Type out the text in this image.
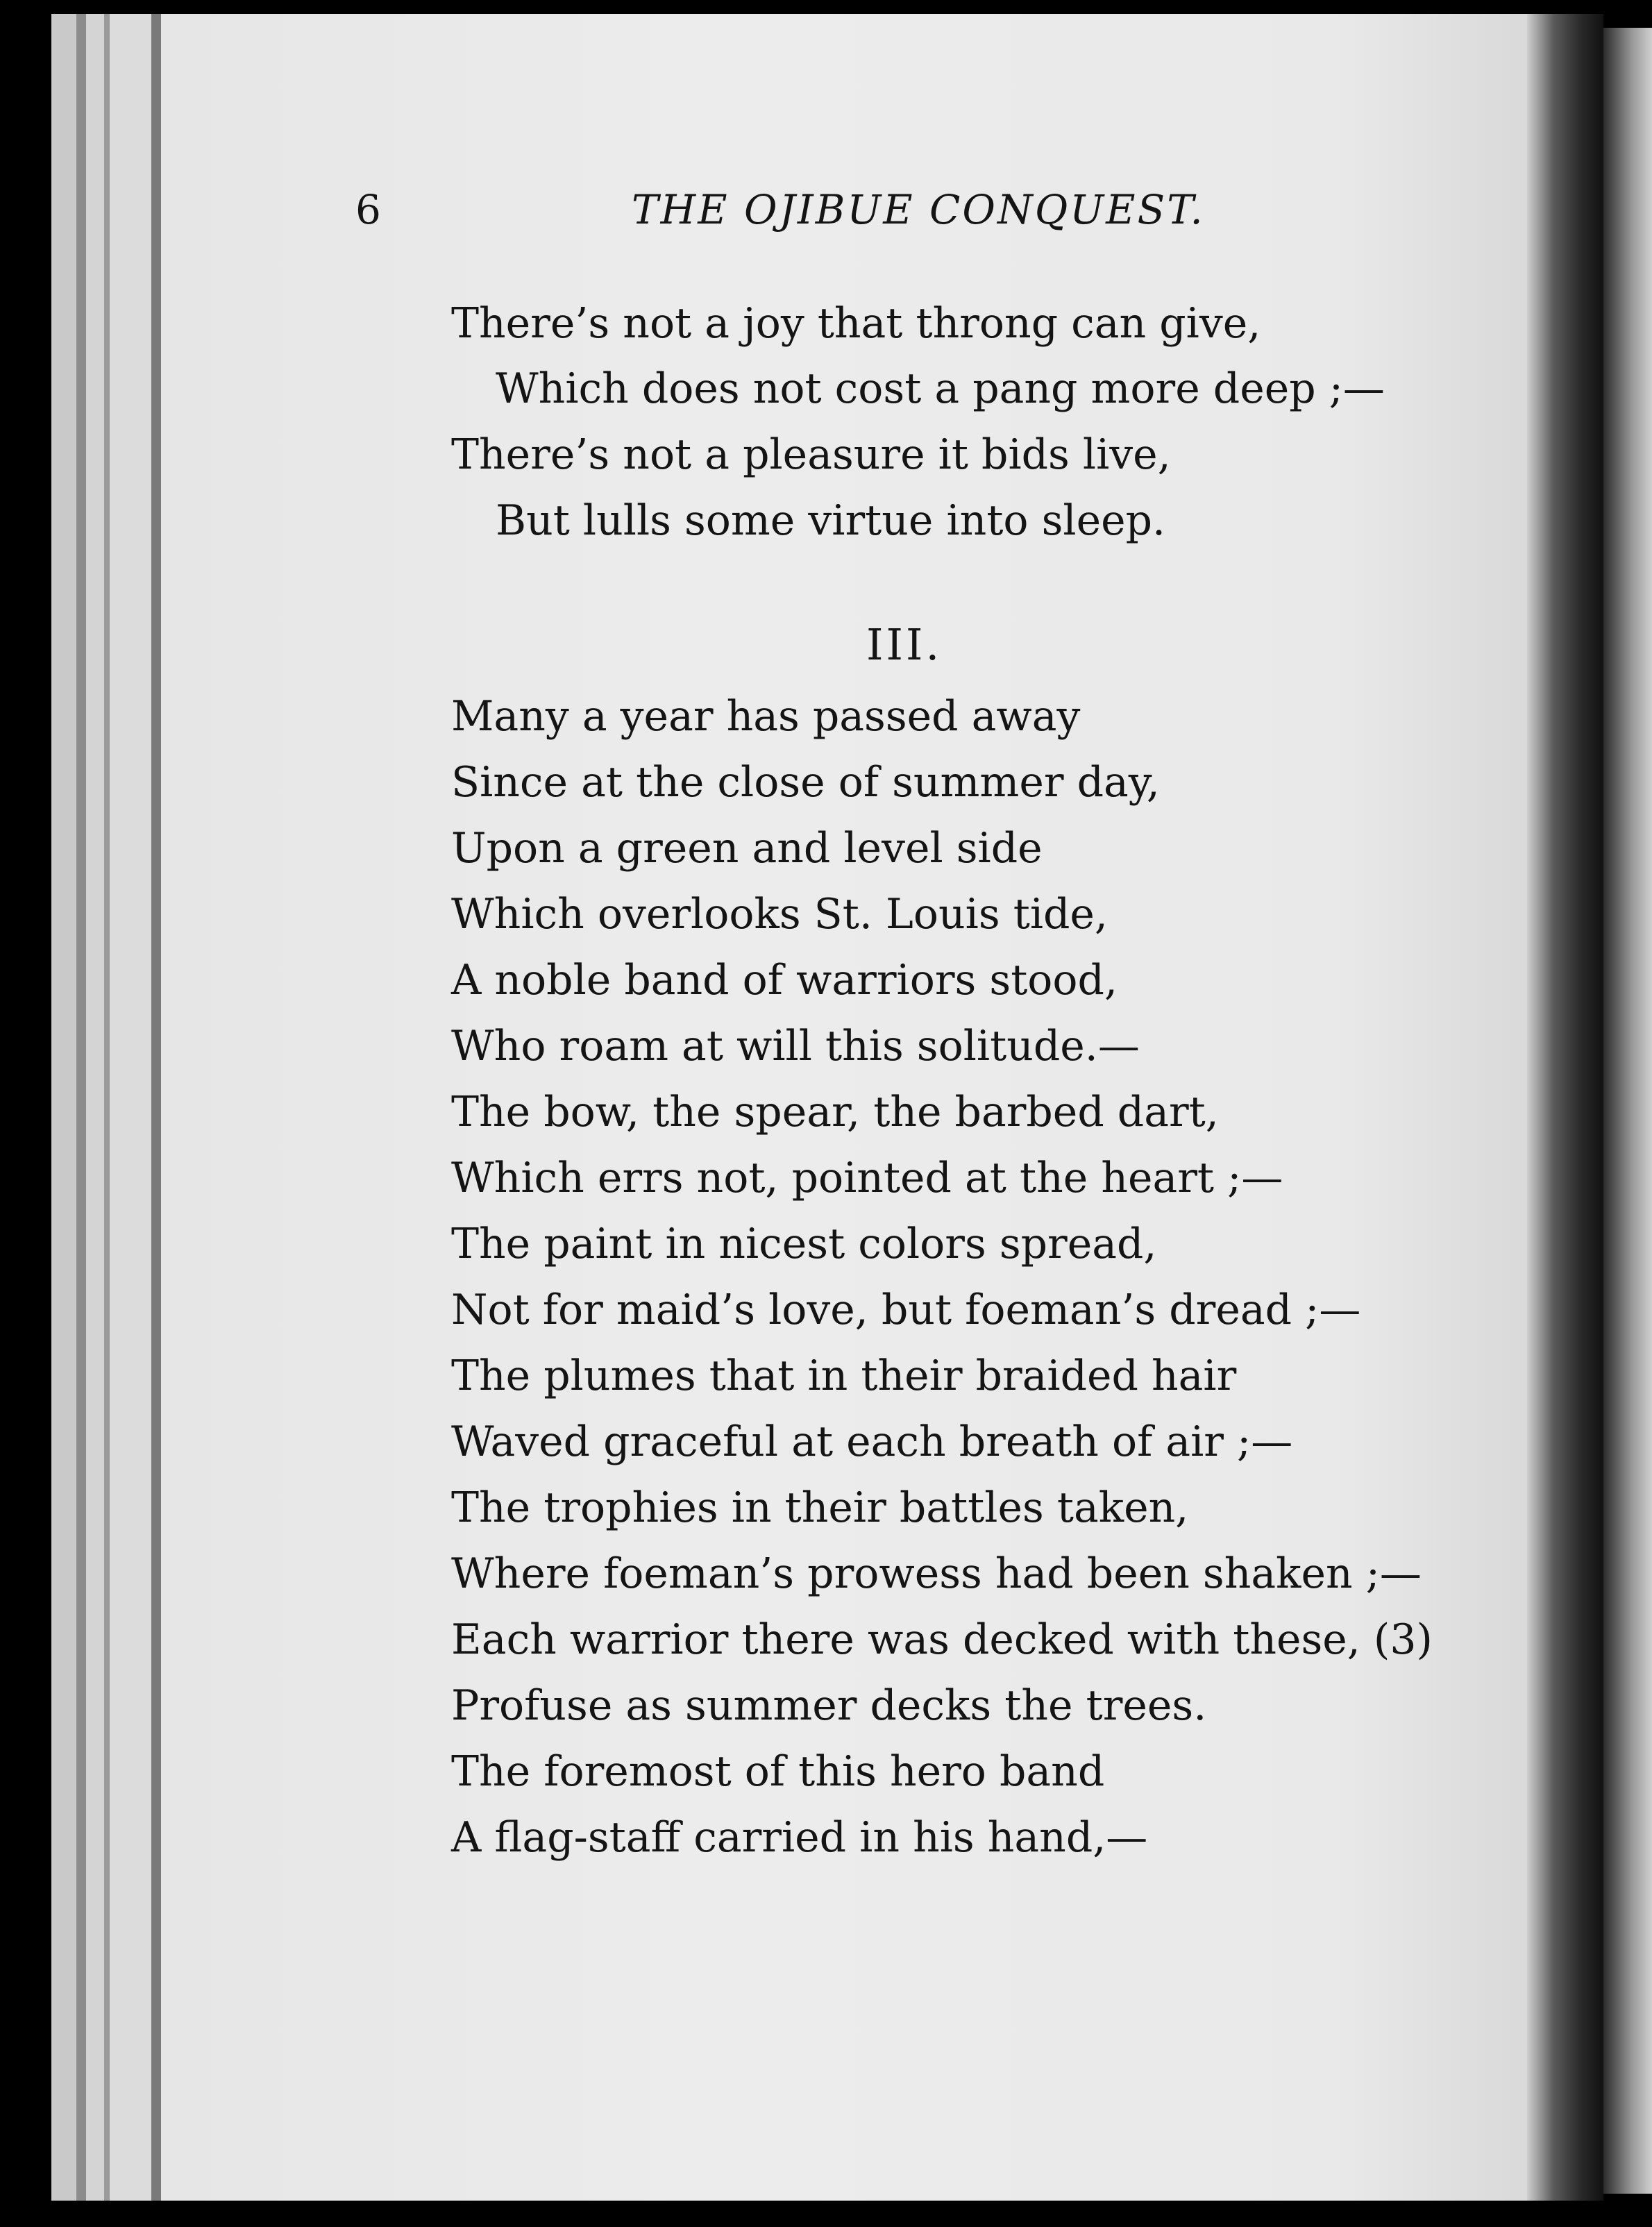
6	THE OJIBUE CONQUEST.
There’s not a joy that throng can give,
Which does not cost a pang more deep ;—
There’s not a pleasure it bids live,
But lulls some virtue into sleep.
III.
Many a year has passed away
Since at the close of summer day,
Upon a green and level side
Which overlooks St. Louis tide,
A noble band of warriors stood,
Who roam at will this solitude.—
The bow, the spear, the barbed dart,
Which errs not, pointed at the heart ;—
The paint in nicest colors spread,
Not for maid’s love, but foeman’s dread ;—
The plumes that in their braided hair
Waved graceful at each breath of air ;—
The trophies in their battles taken,
Where foeman’s prowess had been shaken ;—
Each warrior there was decked with these, (3)
Profuse as summer decks the trees.
The foremost of this hero band
A flag-staff carried in his hand,—
